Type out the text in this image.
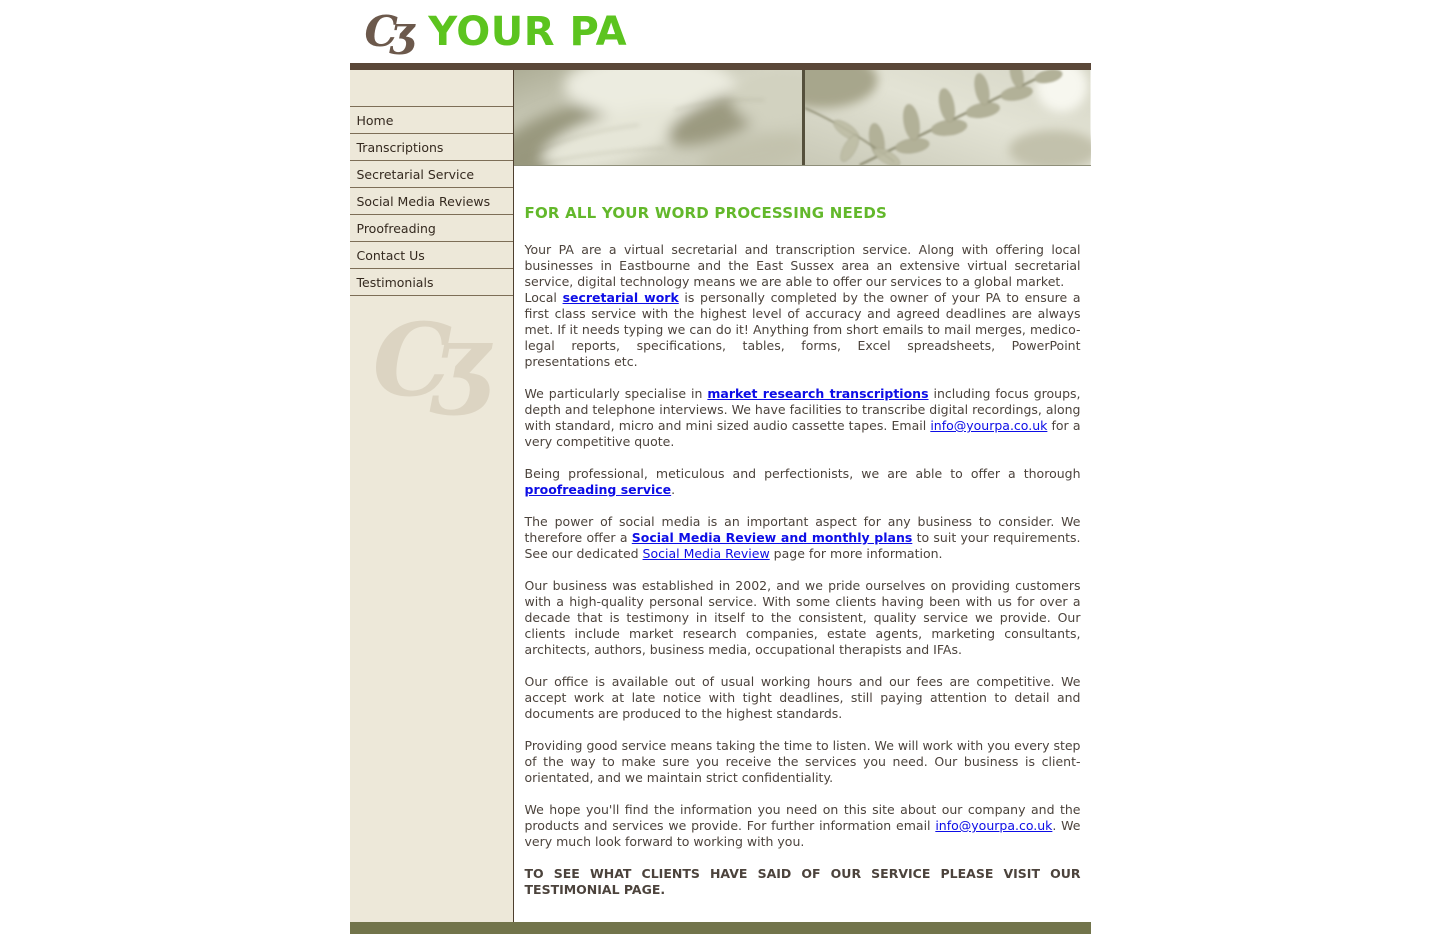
Cʒ YOUR PA
Home
Transcriptions
Secretarial Service
Social Media Reviews
Proofreading
Contact Us
Testimonials
Cʒ
FOR ALL YOUR WORD PROCESSING NEEDS

Your PA are a virtual secretarial and transcription service. Along with offering local businesses in Eastbourne and the East Sussex area an extensive virtual secretarial service, digital technology means we are able to offer our services to a global market.
Local secretarial work is personally completed by the owner of your PA to ensure a first class service with the highest level of accuracy and agreed deadlines are always met. If it needs typing we can do it! Anything from short emails to mail merges, medico-legal reports, specifications, tables, forms, Excel spreadsheets, PowerPoint presentations etc.

We particularly specialise in market research transcriptions including focus groups, depth and telephone interviews. We have facilities to transcribe digital recordings, along with standard, micro and mini sized audio cassette tapes. Email info@yourpa.co.uk for a very competitive quote.

Being professional, meticulous and perfectionists, we are able to offer a thorough proofreading service.

The power of social media is an important aspect for any business to consider. We therefore offer a Social Media Review and monthly plans to suit your requirements. See our dedicated Social Media Review page for more information.

Our business was established in 2002, and we pride ourselves on providing customers with a high-quality personal service. With some clients having been with us for over a decade that is testimony in itself to the consistent, quality service we provide. Our clients include market research companies, estate agents, marketing consultants, architects, authors, business media, occupational therapists and IFAs.

Our office is available out of usual working hours and our fees are competitive. We accept work at late notice with tight deadlines, still paying attention to detail and documents are produced to the highest standards.

Providing good service means taking the time to listen. We will work with you every step of the way to make sure you receive the services you need. Our business is client-orientated, and we maintain strict confidentiality.

We hope you'll find the information you need on this site about our company and the products and services we provide. For further information email info@yourpa.co.uk. We very much look forward to working with you.

TO SEE WHAT CLIENTS HAVE SAID OF OUR SERVICE PLEASE VISIT OUR TESTIMONIAL PAGE.
